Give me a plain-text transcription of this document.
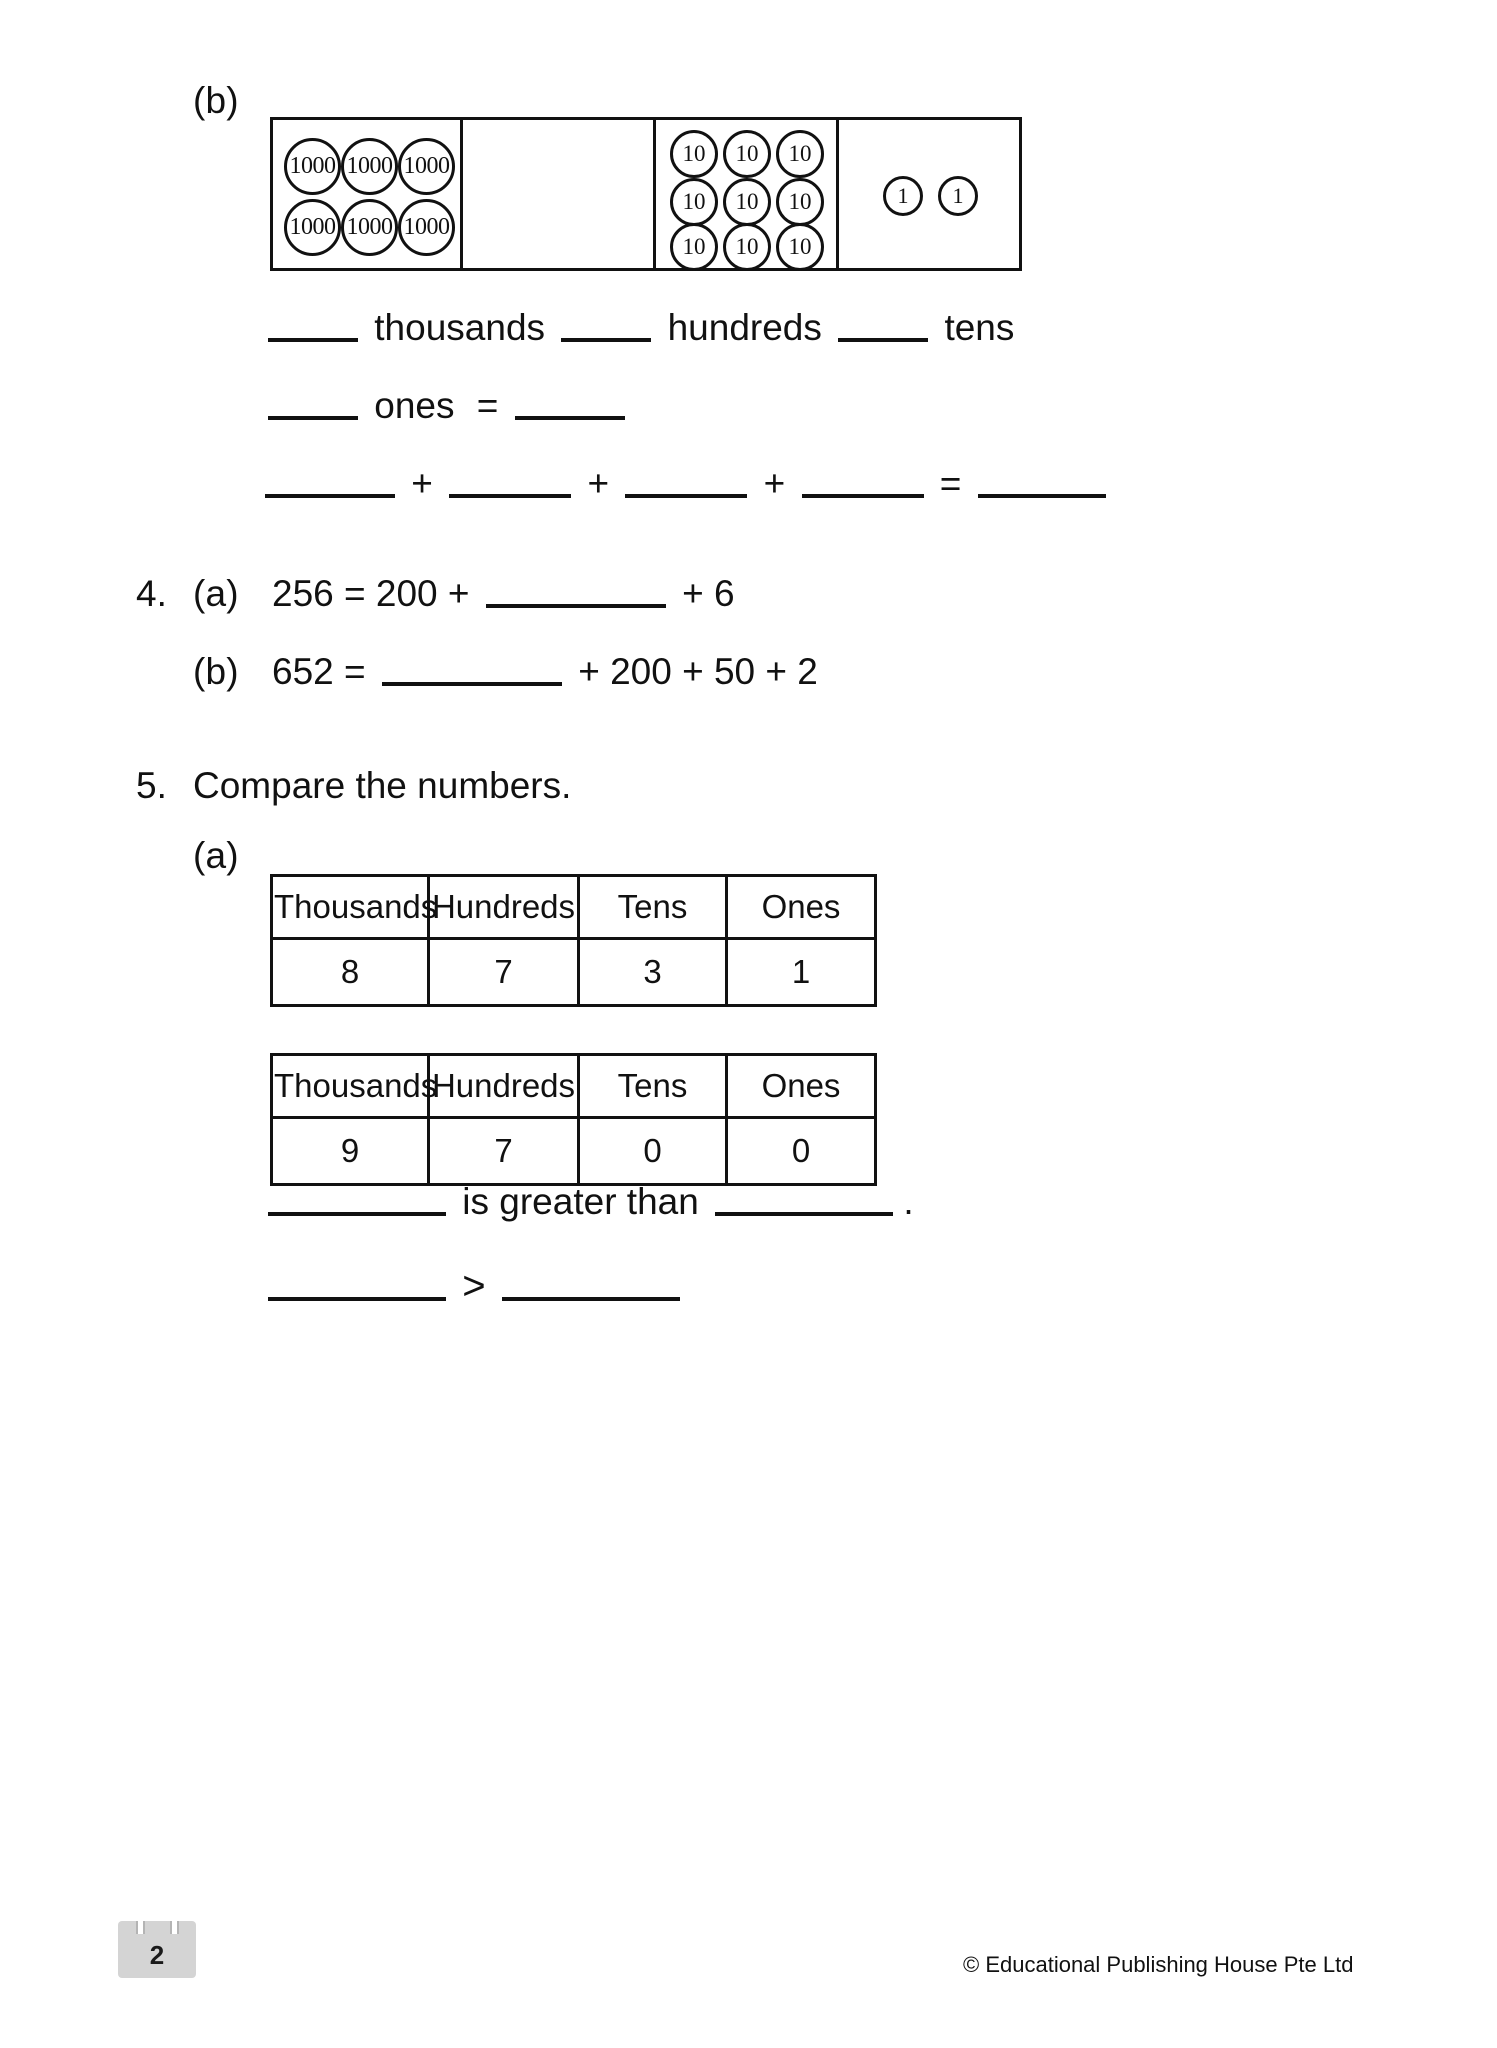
(b)
1000 1000 1000
1000 1000 1000
10	10	10
10	10	10
10	10	10
1	1
thousands	hundreds	tens
ones =
+	+	+	=
4. (a) 256 = 200 +	+ 6
(b) 652 =	+ 200 + 50 + 2
5. Compare the numbers.
(a)
Thousands	Hundreds	Tens	Ones
8	7	3	1
Thousands	Hundreds	Tens	Ones
9	7	0	0
is greater than	.
>
2	© Educational Publishing House Pte Ltd
